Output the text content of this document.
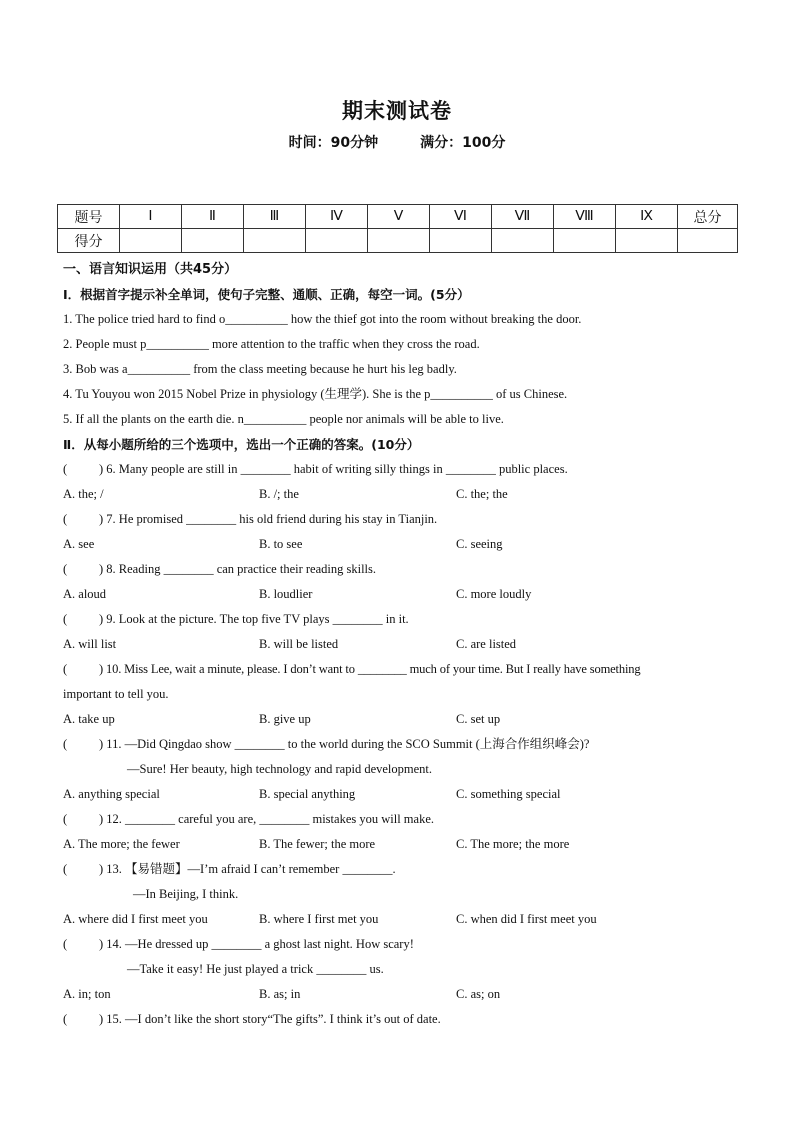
期末测试卷
时间：90分钟	满分：100分
题号	Ⅰ	Ⅱ	Ⅲ	Ⅳ	Ⅴ	Ⅵ	Ⅶ	Ⅷ	Ⅸ	总分
得分										
一、语言知识运用（共45分）
Ⅰ．根据首字提示补全单词，使句子完整、通顺、正确，每空一词。(5分）
1. The police tried hard to find o__________ how the thief got into the room without breaking the door.
2. People must p__________ more attention to the traffic when they cross the road.
3. Bob was a__________ from the class meeting because he hurt his leg badly.
4. Tu Youyou won 2015 Nobel Prize in physiology (生理学). She is the p__________ of us Chinese.
5. If all the plants on the earth die. n__________ people nor animals will be able to live.
Ⅱ．从每小题所给的三个选项中，选出一个正确的答案。(10分）
(	) 6. Many people are still in ________ habit of writing silly things in ________ public places.
A. the; /	B. /; the	C. the; the
(	) 7. He promised ________ his old friend during his stay in Tianjin.
A. see	B. to see	C. seeing
(	) 8. Reading ________ can practice their reading skills.
A. aloud	B. loudlier	C. more loudly
(	) 9. Look at the picture. The top five TV plays ________ in it.
A. will list	B. will be listed	C. are listed
(	) 10. Miss Lee, wait a minute, please. I don’t want to ________ much of your time. But I really have something
important to tell you.
A. take up	B. give up	C. set up
(	) 11. —Did Qingdao show ________ to the world during the SCO Summit (上海合作组织峰会)?
—Sure! Her beauty, high technology and rapid development.
A. anything special	B. special anything	C. something special
(	) 12. ________ careful you are, ________ mistakes you will make.
A. The more; the fewer	B. The fewer; the more	C. The more; the more
(	) 13. 【易错题】—I’m afraid I can’t remember ________.
—In Beijing, I think.
A. where did I first meet you	B. where I first met you	C. when did I first meet you
(	) 14. —He dressed up ________ a ghost last night. How scary!
—Take it easy! He just played a trick ________ us.
A. in; ton	B. as; in	C. as; on
(	) 15. —I don’t like the short story“The gifts”. I think it’s out of date.
